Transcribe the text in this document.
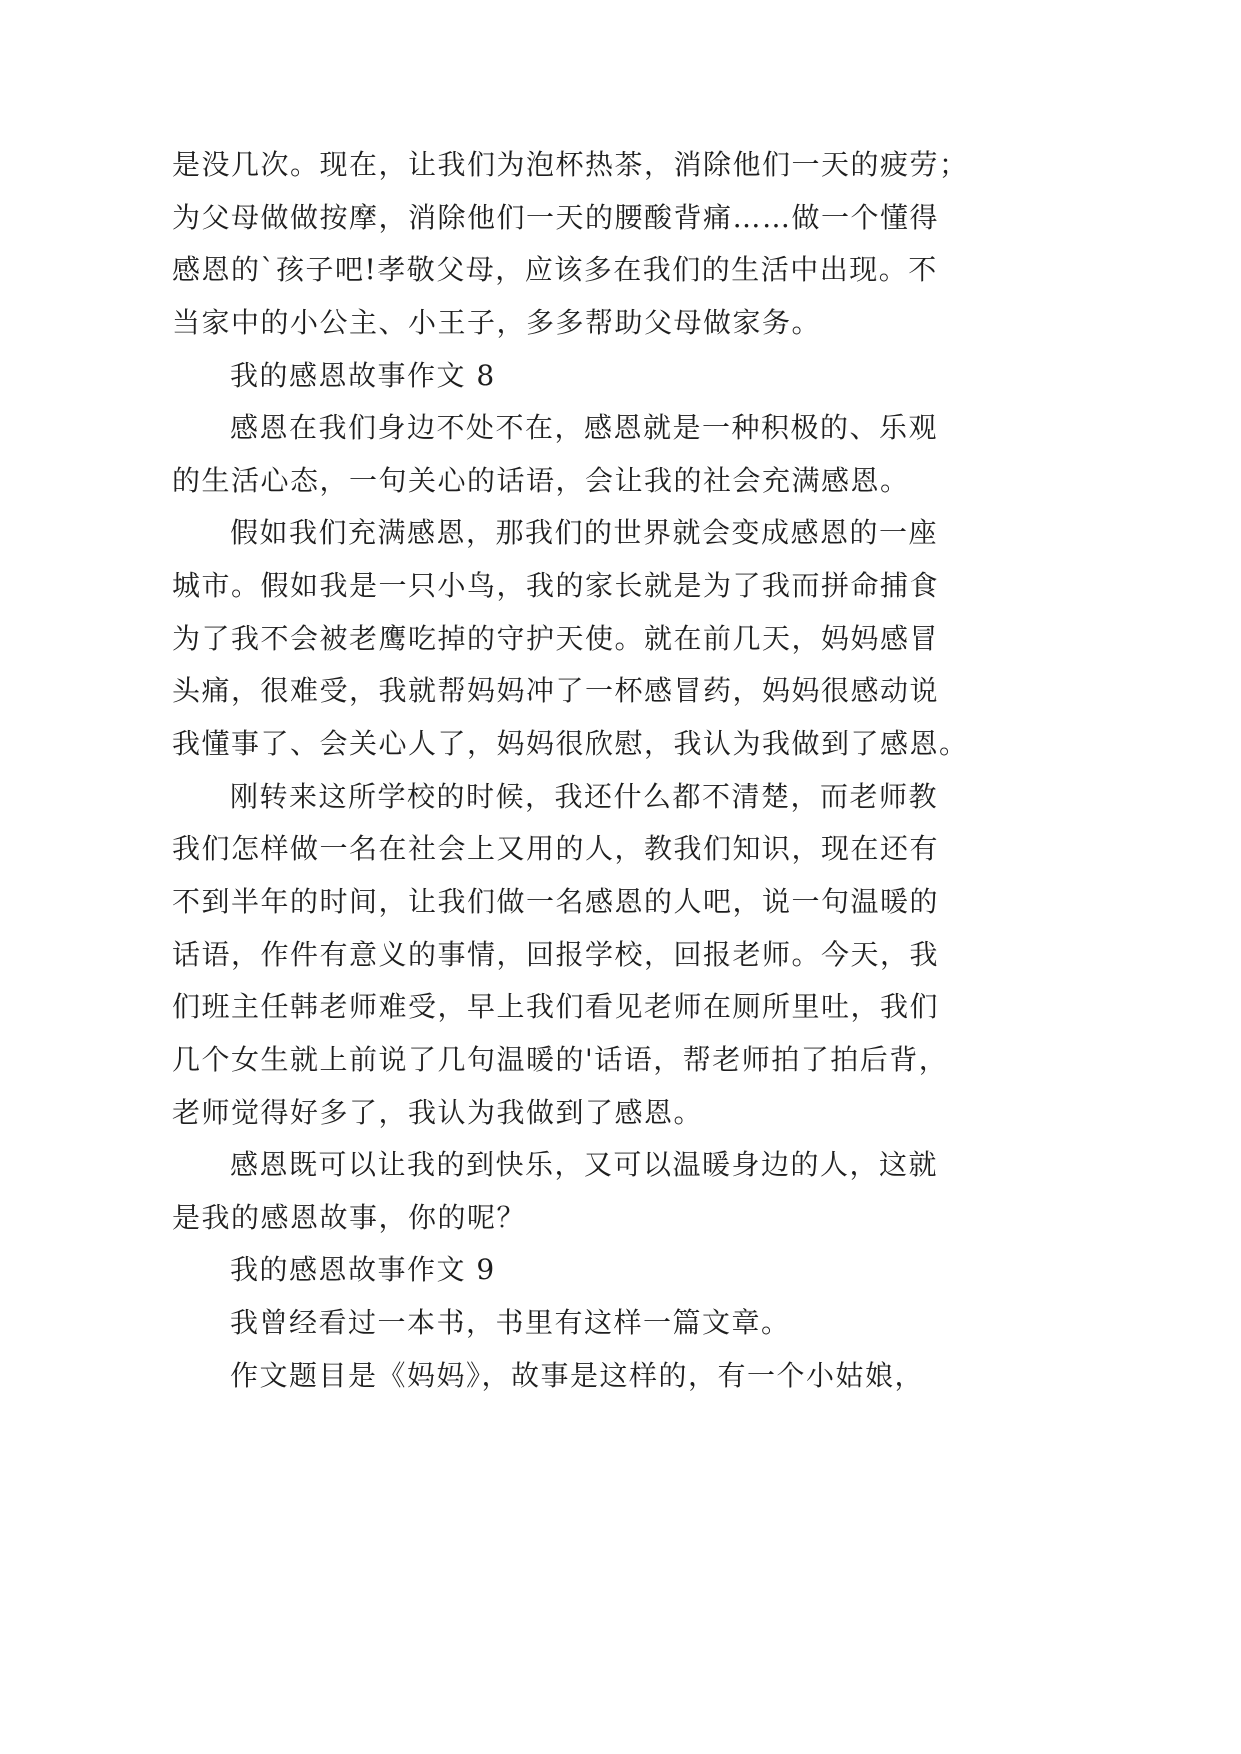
是没几次。现在，让我们为泡杯热茶，消除他们一天的疲劳；
为父母做做按摩，消除他们一天的腰酸背痛……做一个懂得
感恩的`孩子吧!孝敬父母，应该多在我们的生活中出现。不
当家中的小公主、小王子，多多帮助父母做家务。
我的感恩故事作文 8
感恩在我们身边不处不在，感恩就是一种积极的、乐观
的生活心态，一句关心的话语，会让我的社会充满感恩。
假如我们充满感恩，那我们的世界就会变成感恩的一座
城市。假如我是一只小鸟，我的家长就是为了我而拼命捕食
为了我不会被老鹰吃掉的守护天使。就在前几天，妈妈感冒
头痛，很难受，我就帮妈妈冲了一杯感冒药，妈妈很感动说
我懂事了、会关心人了，妈妈很欣慰，我认为我做到了感恩。
刚转来这所学校的时候，我还什么都不清楚，而老师教
我们怎样做一名在社会上又用的人，教我们知识，现在还有
不到半年的时间，让我们做一名感恩的人吧，说一句温暖的
话语，作件有意义的事情，回报学校，回报老师。今天，我
们班主任韩老师难受，早上我们看见老师在厕所里吐，我们
几个女生就上前说了几句温暖的'话语，帮老师拍了拍后背，
老师觉得好多了，我认为我做到了感恩。
感恩既可以让我的到快乐，又可以温暖身边的人，这就
是我的感恩故事，你的呢？
我的感恩故事作文 9
我曾经看过一本书，书里有这样一篇文章。
作文题目是《妈妈》，故事是这样的，有一个小姑娘，
